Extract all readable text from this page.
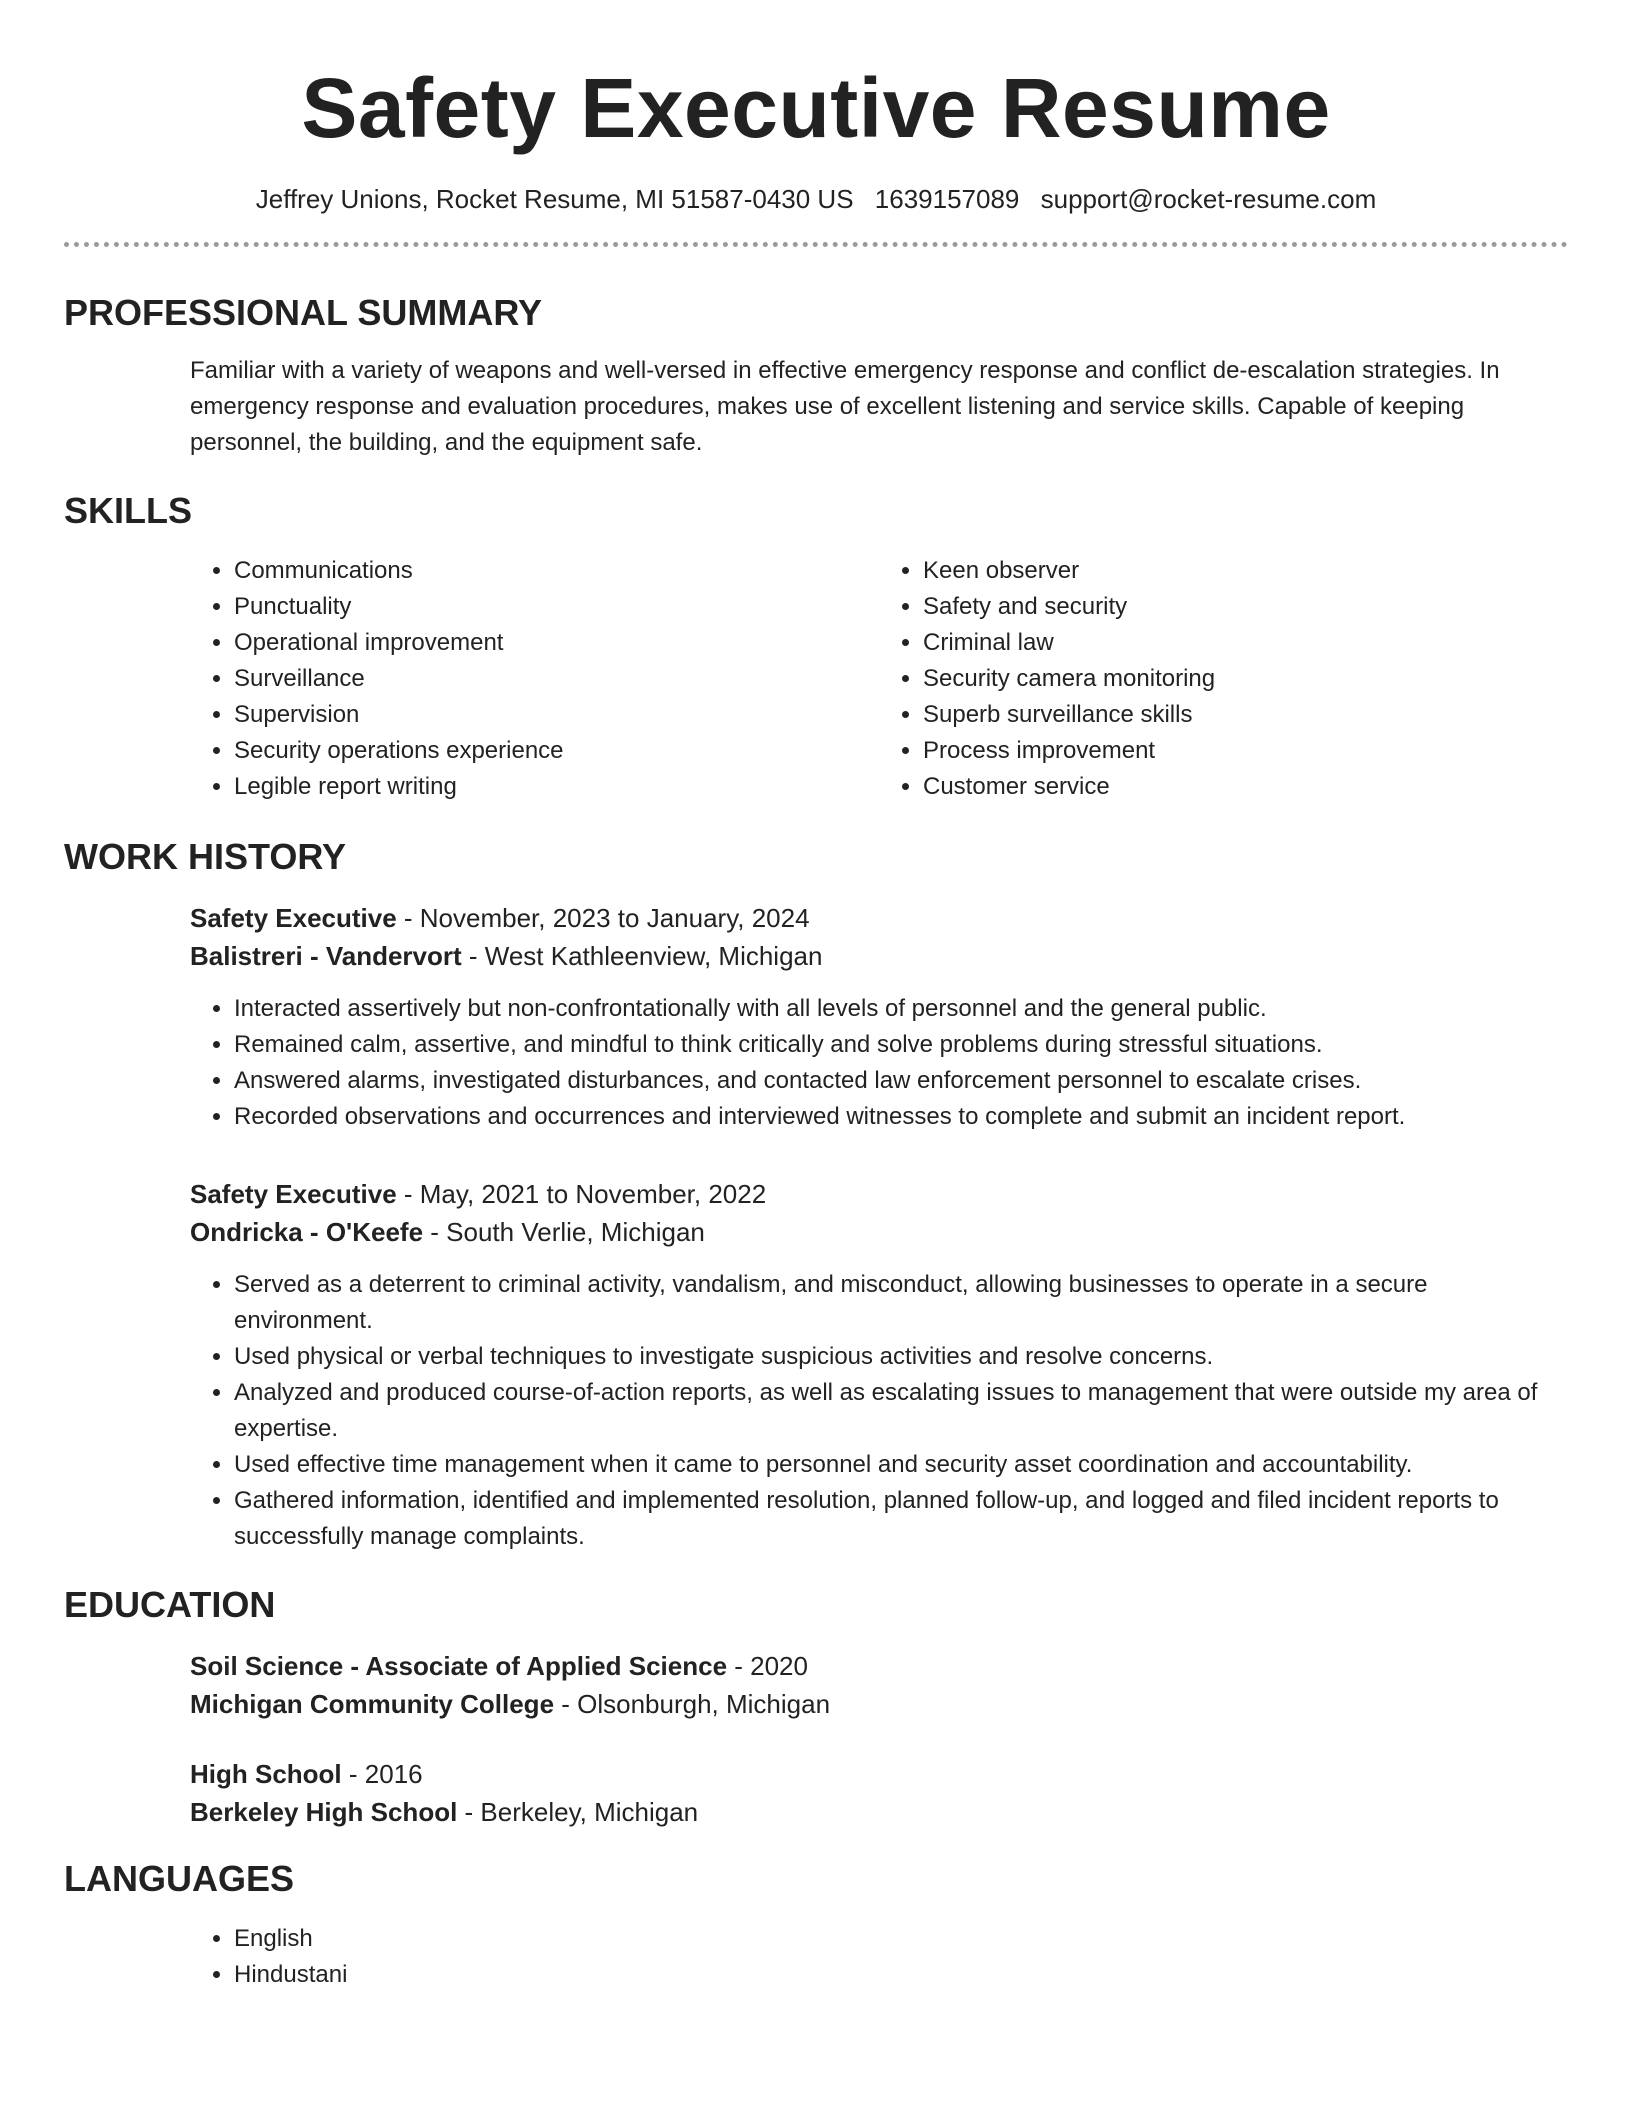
Safety Executive Resume
Jeffrey Unions, Rocket Resume, MI 51587-0430 US 1639157089 support@rocket-resume.com
PROFESSIONAL SUMMARY

Familiar with a variety of weapons and well-versed in effective emergency response and conflict de-escalation strategies. In emergency response and evaluation procedures, makes use of excellent listening and service skills. Capable of keeping personnel, the building, and the equipment safe.

SKILLS
• Communications
• Punctuality
• Operational improvement
• Surveillance
• Supervision
• Security operations experience
• Legible report writing
• Keen observer
• Safety and security
• Criminal law
• Security camera monitoring
• Superb surveillance skills
• Process improvement
• Customer service
WORK HISTORY
Safety Executive - November, 2023 to January, 2024
Balistreri - Vandervort - West Kathleenview, Michigan
• Interacted assertively but non-confrontationally with all levels of personnel and the general public.
• Remained calm, assertive, and mindful to think critically and solve problems during stressful situations.
• Answered alarms, investigated disturbances, and contacted law enforcement personnel to escalate crises.
• Recorded observations and occurrences and interviewed witnesses to complete and submit an incident report.
Safety Executive - May, 2021 to November, 2022
Ondricka - O'Keefe - South Verlie, Michigan
• Served as a deterrent to criminal activity, vandalism, and misconduct, allowing businesses to operate in a secure environment.
• Used physical or verbal techniques to investigate suspicious activities and resolve concerns.
• Analyzed and produced course-of-action reports, as well as escalating issues to management that were outside my area of expertise.
• Used effective time management when it came to personnel and security asset coordination and accountability.
• Gathered information, identified and implemented resolution, planned follow-up, and logged and filed incident reports to successfully manage complaints.
EDUCATION
Soil Science - Associate of Applied Science - 2020
Michigan Community College - Olsonburgh, Michigan
High School - 2016
Berkeley High School - Berkeley, Michigan
LANGUAGES
• English
• Hindustani
